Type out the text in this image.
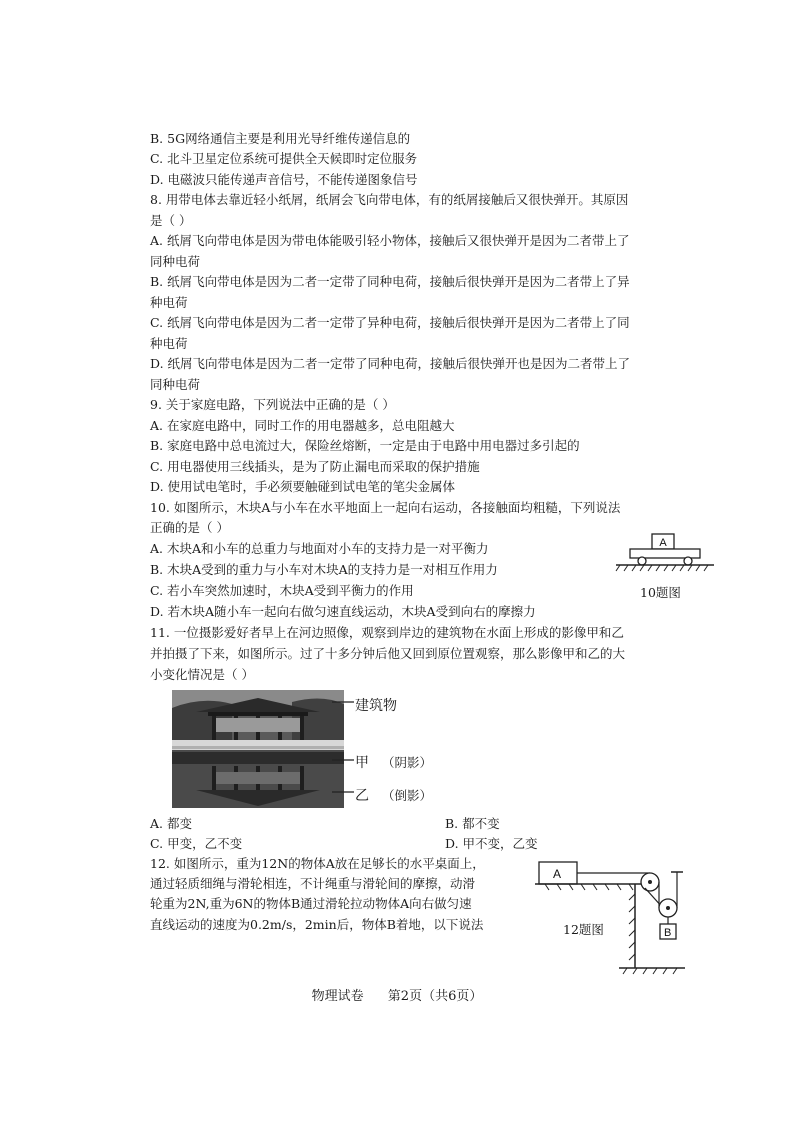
B. 5G网络通信主要是利用光导纤维传递信息的
C. 北斗卫星定位系统可提供全天候即时定位服务
D. 电磁波只能传递声音信号，不能传递图象信号
8. 用带电体去靠近轻小纸屑，纸屑会飞向带电体，有的纸屑接触后又很快弹开。其原因
是（ ）
A. 纸屑飞向带电体是因为带电体能吸引轻小物体，接触后又很快弹开是因为二者带上了
同种电荷
B. 纸屑飞向带电体是因为二者一定带了同种电荷，接触后很快弹开是因为二者带上了异
种电荷
C. 纸屑飞向带电体是因为二者一定带了异种电荷，接触后很快弹开是因为二者带上了同
种电荷
D. 纸屑飞向带电体是因为二者一定带了同种电荷，接触后很快弹开也是因为二者带上了
同种电荷
9. 关于家庭电路，下列说法中正确的是（ ）
A. 在家庭电路中，同时工作的用电器越多，总电阻越大
B. 家庭电路中总电流过大，保险丝熔断，一定是由于电路中用电器过多引起的
C. 用电器使用三线插头，是为了防止漏电而采取的保护措施
D. 使用试电笔时，手必须要触碰到试电笔的笔尖金属体
10. 如图所示，木块A与小车在水平地面上一起向右运动，各接触面均粗糙，下列说法
正确的是（ ）
A. 木块A和小车的总重力与地面对小车的支持力是一对平衡力
B. 木块A受到的重力与小车对木块A的支持力是一对相互作用力
C. 若小车突然加速时，木块A受到平衡力的作用
D. 若木块A随小车一起向右做匀速直线运动，木块A受到向右的摩擦力
11. 一位摄影爱好者早上在河边照像，观察到岸边的建筑物在水面上形成的影像甲和乙
并拍摄了下来，如图所示。过了十多分钟后他又回到原位置观察，那么影像甲和乙的大
小变化情况是（ ）
A
10题图
建筑物
甲 （阴影）
乙 （倒影）
A. 都变	B. 都不变
C. 甲变，乙不变	D. 甲不变，乙变
12. 如图所示，重为12N的物体A放在足够长的水平桌面上，
通过轻质细绳与滑轮相连，不计绳重与滑轮间的摩擦，动滑
轮重为2N,重为6N的物体B通过滑轮拉动物体A向右做匀速
直线运动的速度为0.2m/s，2min后，物体B着地，以下说法
A
B
12题图
物理试卷 第2页（共6页）
